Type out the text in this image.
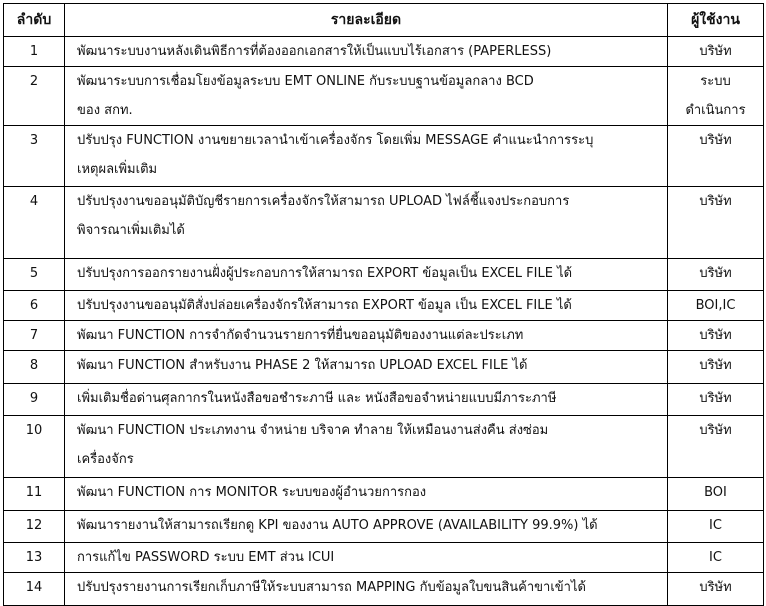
ลำดับ	รายละเอียด	ผู้ใช้งาน
1	พัฒนาระบบงานหลังเดินพิธีการที่ต้องออกเอกสารให้เป็นแบบไร้เอกสาร (PAPERLESS)	บริษัท

2	พัฒนาระบบการเชื่อมโยงข้อมูลระบบ EMT ONLINE กับระบบฐานข้อมูลกลาง BCD
ของ สกท.	ระบบ
ดำเนินการ

3	ปรับปรุง FUNCTION งานขยายเวลานำเข้าเครื่องจักร โดยเพิ่ม MESSAGE คำแนะนำการระบุ
เหตุผลเพิ่มเติม	บริษัท

4	ปรับปรุงงานขออนุมัติบัญชีรายการเครื่องจักรให้สามารถ UPLOAD ไฟล์ชี้แจงประกอบการ
พิจารณาเพิ่มเติมได้	บริษัท

5	ปรับปรุงการออกรายงานฝั่งผู้ประกอบการให้สามารถ EXPORT ข้อมูลเป็น EXCEL FILE ได้	บริษัท

6	ปรับปรุงงานขออนุมัติสั่งปล่อยเครื่องจักรให้สามารถ EXPORT ข้อมูล เป็น EXCEL FILE ได้	BOI,IC

7	พัฒนา FUNCTION การจำกัดจำนวนรายการที่ยื่นขออนุมัติของงานแต่ละประเภท	บริษัท

8	พัฒนา FUNCTION สำหรับงาน PHASE 2 ให้สามารถ UPLOAD EXCEL FILE ได้	บริษัท

9	เพิ่มเติมชื่อด่านศุลกากรในหนังสือขอชำระภาษี และ หนังสือขอจำหน่ายแบบมีภาระภาษี	บริษัท

10	พัฒนา FUNCTION ประเภทงาน จำหน่าย บริจาค ทำลาย ให้เหมือนงานส่งคืน ส่งซ่อม
เครื่องจักร	บริษัท

11	พัฒนา FUNCTION การ MONITOR ระบบของผู้อำนวยการกอง	BOI

12	พัฒนารายงานให้สามารถเรียกดู KPI ของงาน AUTO APPROVE (AVAILABILITY 99.9%) ได้	IC

13	การแก้ไข PASSWORD ระบบ EMT ส่วน ICUI	IC

14	ปรับปรุงรายงานการเรียกเก็บภาษีให้ระบบสามารถ MAPPING กับข้อมูลใบขนสินค้าขาเข้าได้	บริษัท
